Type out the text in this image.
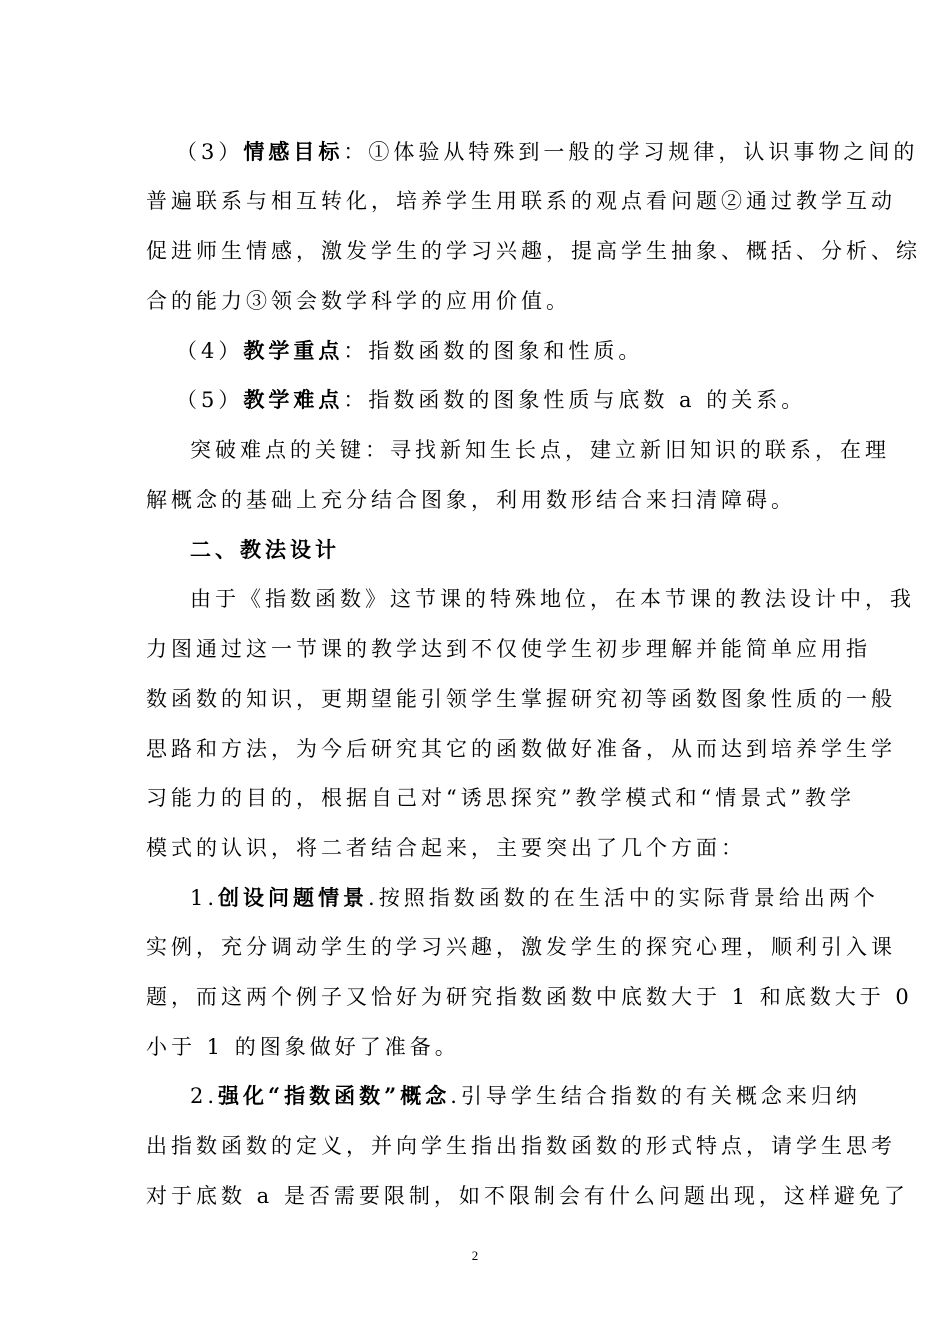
（3）情感目标：①体验从特殊到一般的学习规律，认识事物之间的
普遍联系与相互转化，培养学生用联系的观点看问题②通过教学互动
促进师生情感，激发学生的学习兴趣，提高学生抽象、概括、分析、综
合的能力③领会数学科学的应用价值。
（4）教学重点：指数函数的图象和性质。
（5）教学难点：指数函数的图象性质与底数 a 的关系。
突破难点的关键：寻找新知生长点，建立新旧知识的联系，在理
解概念的基础上充分结合图象，利用数形结合来扫清障碍。
二、教法设计
由于《指数函数》这节课的特殊地位，在本节课的教法设计中，我
力图通过这一节课的教学达到不仅使学生初步理解并能简单应用指
数函数的知识，更期望能引领学生掌握研究初等函数图象性质的一般
思路和方法，为今后研究其它的函数做好准备，从而达到培养学生学
习能力的目的，根据自己对“诱思探究”教学模式和“情景式”教学
模式的认识，将二者结合起来，主要突出了几个方面：
1.创设问题情景.按照指数函数的在生活中的实际背景给出两个
实例，充分调动学生的学习兴趣，激发学生的探究心理，顺利引入课
题，而这两个例子又恰好为研究指数函数中底数大于 1 和底数大于 0
小于 1 的图象做好了准备。
2.强化“指数函数”概念.引导学生结合指数的有关概念来归纳
出指数函数的定义，并向学生指出指数函数的形式特点，请学生思考
对于底数 a 是否需要限制，如不限制会有什么问题出现，这样避免了
2
